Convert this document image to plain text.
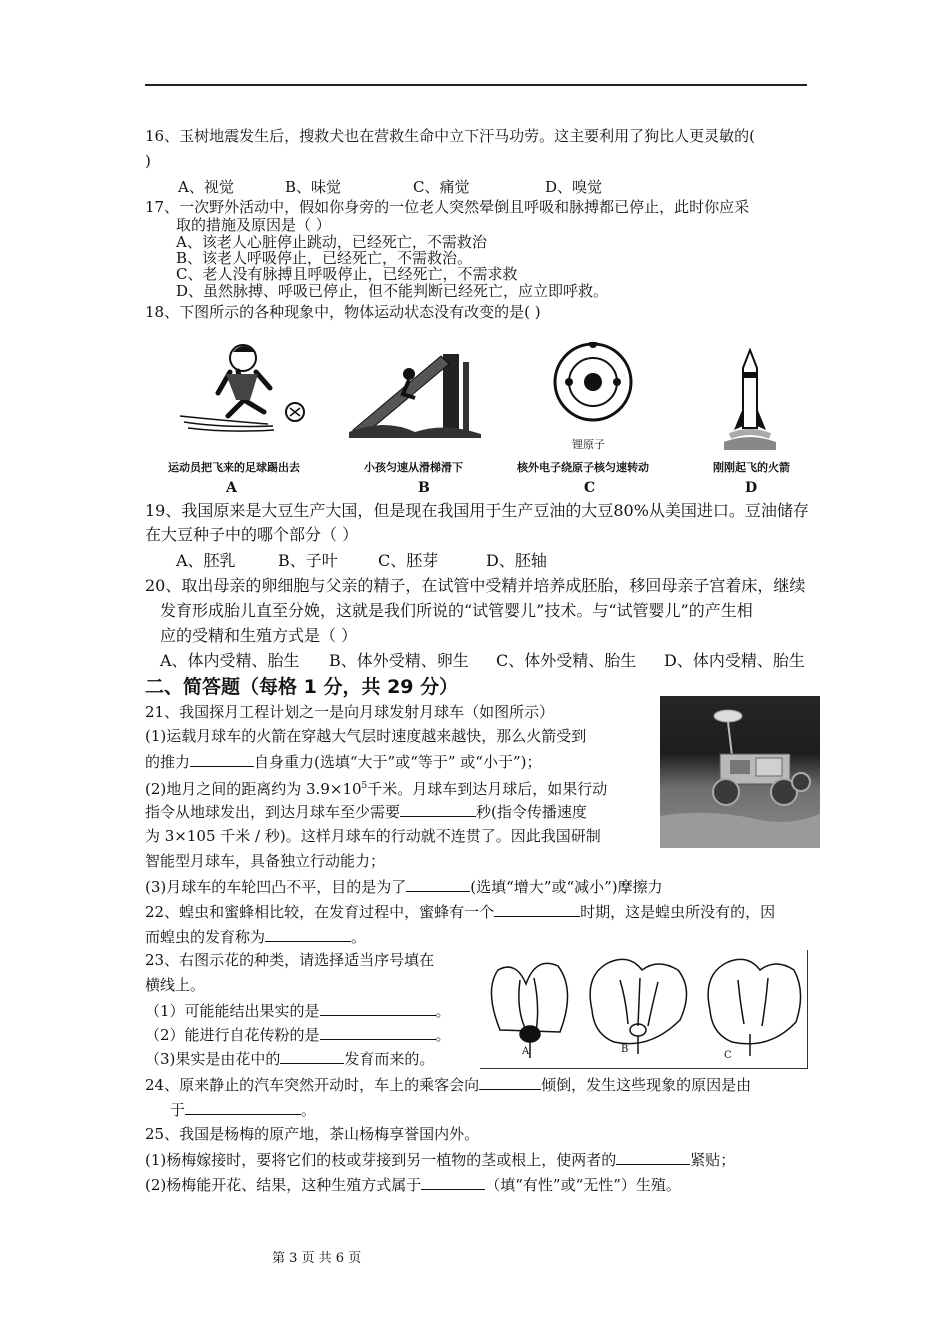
16、玉树地震发生后，搜救犬也在营救生命中立下汗马功劳。这主要利用了狗比人更灵敏的(
)
A、视觉	B、味觉	C、痛觉	D、嗅觉
17、一次野外活动中，假如你身旁的一位老人突然晕倒且呼吸和脉搏都已停止，此时你应采
取的措施及原因是（ ）
A、该老人心脏停止跳动，已经死亡，不需救治
B、该老人呼吸停止，已经死亡，不需救治。
C、老人没有脉搏且呼吸停止，已经死亡，不需求救
D、虽然脉搏、呼吸已停止，但不能判断已经死亡，应立即呼救。
18、下图所示的各种现象中，物体运动状态没有改变的是( )
运动员把飞来的足球踢出去
A
小孩匀速从滑梯滑下
B
锂原子
核外电子绕原子核匀速转动
C
刚刚起飞的火箭
D
19、我国原来是大豆生产大国，但是现在我国用于生产豆油的大豆80%从美国进口。豆油储存
在大豆种子中的哪个部分（ ）
A、胚乳	B、子叶	C、胚芽	D、胚轴
20、取出母亲的卵细胞与父亲的精子，在试管中受精并培养成胚胎，移回母亲子宫着床，继续
发育形成胎儿直至分娩，这就是我们所说的“试管婴儿”技术。与“试管婴儿”的产生相
应的受精和生殖方式是（ ）
A、体内受精、胎生 B、体外受精、卵生 C、体外受精、胎生 D、体内受精、胎生
二、简答题（每格 1 分，共 29 分）
21、我国探月工程计划之一是向月球发射月球车（如图所示）
(1)运载月球车的火箭在穿越大气层时速度越来越快，那么火箭受到
的推力	自身重力(选填“大于”或“等于” 或“小于”)；
(2)地月之间的距离约为 $3.9\times 10^5$千米。月球车到达月球后，如果行动
指令从地球发出，到达月球车至少需要	秒(指令传播速度
为 3×105 千米 / 秒)。这样月球车的行动就不连贯了。因此我国研制
智能型月球车，具备独立行动能力；
(3)月球车的车轮凹凸不平，目的是为了	(选填“增大”或“减小”)摩擦力
22、蝗虫和蜜蜂相比较，在发育过程中，蜜蜂有一个	时期，这是蝗虫所没有的，因
而蝗虫的发育称为	。
23、右图示花的种类，请选择适当序号填在
横线上。
（1）可能能结出果实的是	。
（2）能进行自花传粉的是	。
（3)果实是由花中的	发育而来的。	A	B
C
24、原来静止的汽车突然开动时，车上的乘客会向	倾倒，发生这些现象的原因是由
于	。
25、我国是杨梅的原产地，茶山杨梅享誉国内外。
(1)杨梅嫁接时，要将它们的枝或芽接到另一植物的茎或根上，使两者的	紧贴；
(2)杨梅能开花、结果，这种生殖方式属于	（填“有性”或“无性”）生殖。
第 3 页 共 6 页
